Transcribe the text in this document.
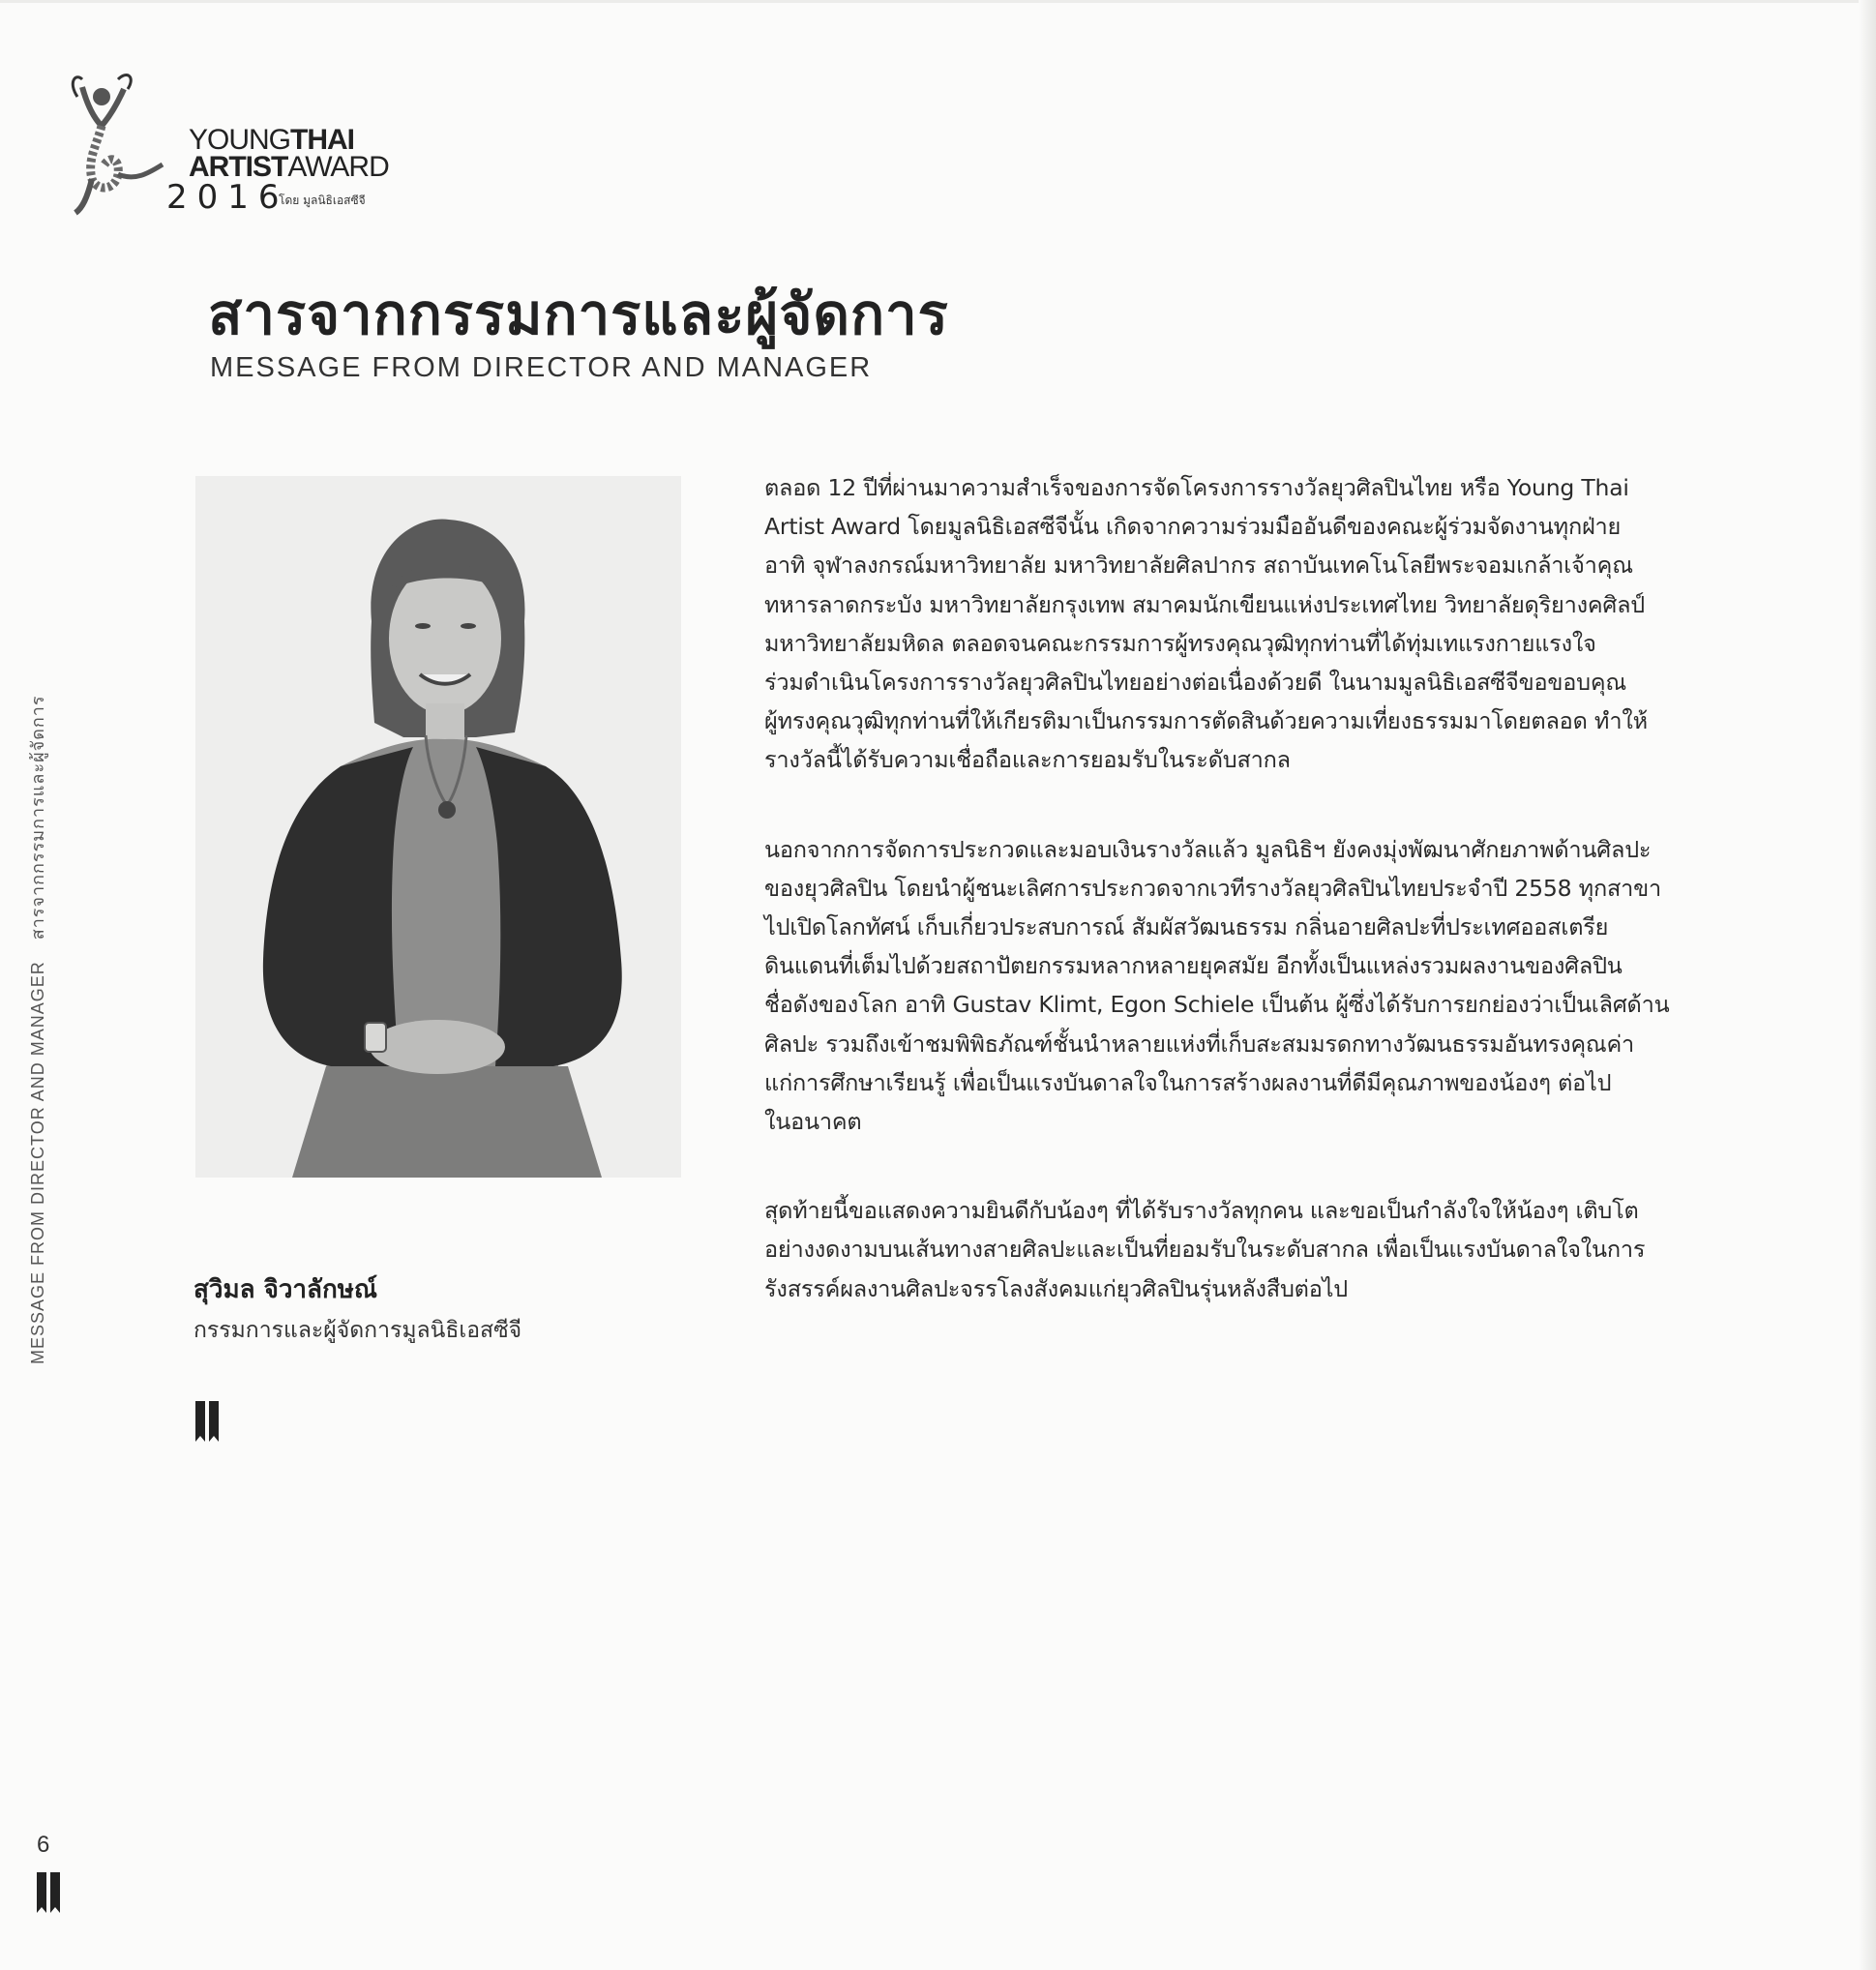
YOUNGTHAI
ARTISTAWARD
2016
โดย มูลนิธิเอสซีจี
สารจากกรรมการและผู้จัดการ
MESSAGE FROM DIRECTOR AND MANAGER
MESSAGE FROM DIRECTOR AND MANAGERสารจากกรรมการและผู้จัดการ
สุวิมล จิวาลักษณ์
กรรมการและผู้จัดการมูลนิธิเอสซีจี
ตลอด 12 ปีที่ผ่านมาความสำเร็จของการจัดโครงการรางวัลยุวศิลปินไทย หรือ Young Thai
Artist Award โดยมูลนิธิเอสซีจีนั้น เกิดจากความร่วมมืออันดีของคณะผู้ร่วมจัดงานทุกฝ่าย
อาทิ จุฬาลงกรณ์มหาวิทยาลัย มหาวิทยาลัยศิลปากร สถาบันเทคโนโลยีพระจอมเกล้าเจ้าคุณ
ทหารลาดกระบัง มหาวิทยาลัยกรุงเทพ สมาคมนักเขียนแห่งประเทศไทย วิทยาลัยดุริยางคศิลป์
มหาวิทยาลัยมหิดล ตลอดจนคณะกรรมการผู้ทรงคุณวุฒิทุกท่านที่ได้ทุ่มเทแรงกายแรงใจ
ร่วมดำเนินโครงการรางวัลยุวศิลปินไทยอย่างต่อเนื่องด้วยดี ในนามมูลนิธิเอสซีจีขอขอบคุณ
ผู้ทรงคุณวุฒิทุกท่านที่ให้เกียรติมาเป็นกรรมการตัดสินด้วยความเที่ยงธรรมมาโดยตลอด ทำให้
รางวัลนี้ได้รับความเชื่อถือและการยอมรับในระดับสากล
นอกจากการจัดการประกวดและมอบเงินรางวัลแล้ว มูลนิธิฯ ยังคงมุ่งพัฒนาศักยภาพด้านศิลปะ
ของยุวศิลปิน โดยนำผู้ชนะเลิศการประกวดจากเวทีรางวัลยุวศิลปินไทยประจำปี 2558 ทุกสาขา
ไปเปิดโลกทัศน์ เก็บเกี่ยวประสบการณ์ สัมผัสวัฒนธรรม กลิ่นอายศิลปะที่ประเทศออสเตรีย
ดินแดนที่เต็มไปด้วยสถาปัตยกรรมหลากหลายยุคสมัย อีกทั้งเป็นแหล่งรวมผลงานของศิลปิน
ชื่อดังของโลก อาทิ Gustav Klimt, Egon Schiele เป็นต้น ผู้ซึ่งได้รับการยกย่องว่าเป็นเลิศด้าน
ศิลปะ รวมถึงเข้าชมพิพิธภัณฑ์ชั้นนำหลายแห่งที่เก็บสะสมมรดกทางวัฒนธรรมอันทรงคุณค่า
แก่การศึกษาเรียนรู้ เพื่อเป็นแรงบันดาลใจในการสร้างผลงานที่ดีมีคุณภาพของน้องๆ ต่อไป
ในอนาคต
สุดท้ายนี้ขอแสดงความยินดีกับน้องๆ ที่ได้รับรางวัลทุกคน และขอเป็นกำลังใจให้น้องๆ เติบโต
อย่างงดงามบนเส้นทางสายศิลปะและเป็นที่ยอมรับในระดับสากล เพื่อเป็นแรงบันดาลใจในการ
รังสรรค์ผลงานศิลปะจรรโลงสังคมแก่ยุวศิลปินรุ่นหลังสืบต่อไป
6
